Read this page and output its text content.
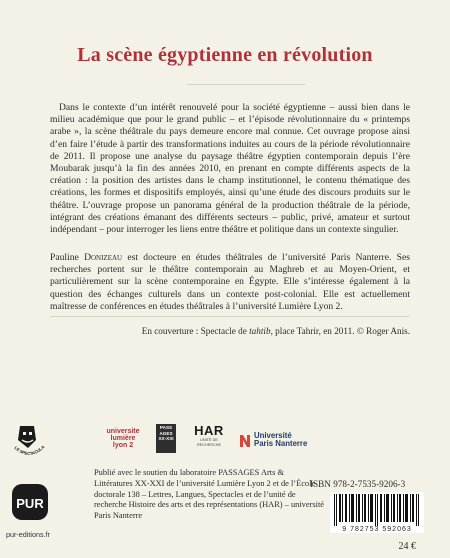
La scène égyptienne en révolution

Dans le contexte d’un intérêt renouvelé pour la société égyptienne – aussi bien dans le milieu académique que pour le grand public – et l’épisode révolutionnaire du « printemps arabe », la scène théâtrale du pays demeure encore mal connue. Cet ouvrage propose ainsi d’en faire l’étude à partir des transformations induites au cours de la période révolutionnaire de 2011. Il propose une analyse du paysage théâtre égyptien contemporain depuis l’ère Moubarak jusqu’à la fin des années 2010, en prenant en compte différents aspects de la création : la position des artistes dans le champ institutionnel, le contenu thématique des créations, les formes et dispositifs employés, ainsi qu’une étude des discours produits sur le théâtre. L’ouvrage propose un panorama général de la production théâtrale de la période, intégrant des créations émanant des différents secteurs – public, privé, amateur et surtout indépendant – pour interroger les liens entre théâtre et politique dans un contexte singulier.

Pauline Donizeau est docteure en études théâtrales de l’université Paris Nanterre. Ses recherches portent sur le théâtre contemporain au Maghreb et au Moyen-Orient, et particulièrement sur la scène contemporaine en Égypte. Elle s’intéresse également à la question des échanges culturels dans un contexte post-colonial. Elle est actuellement maîtresse de conférences en études théâtrales à l’université Lumière Lyon 2.

En couverture : Spectacle de tahtib, place Tahrir, en 2011. © Roger Anis.

LE SPECTACULA
universite
lumière
lyon 2
PASS
AGES
XX-XXI
HAR
UNITÉ DE RECHERCHE
Université
Paris Nanterre

Publié avec le soutien du laboratoire PASSAGES Arts & Littératures XX-XXI de l’université Lumière Lyon 2 et de l’École doctorale 138 – Lettres, Langues, Spectacles et de l’unité de recherche Histoire des arts et des représentations (HAR) – université Paris Nanterre

ISBN 978-2-7535-9206-3

PUR

pur-editions.fr

9 782753 592063

24 €
